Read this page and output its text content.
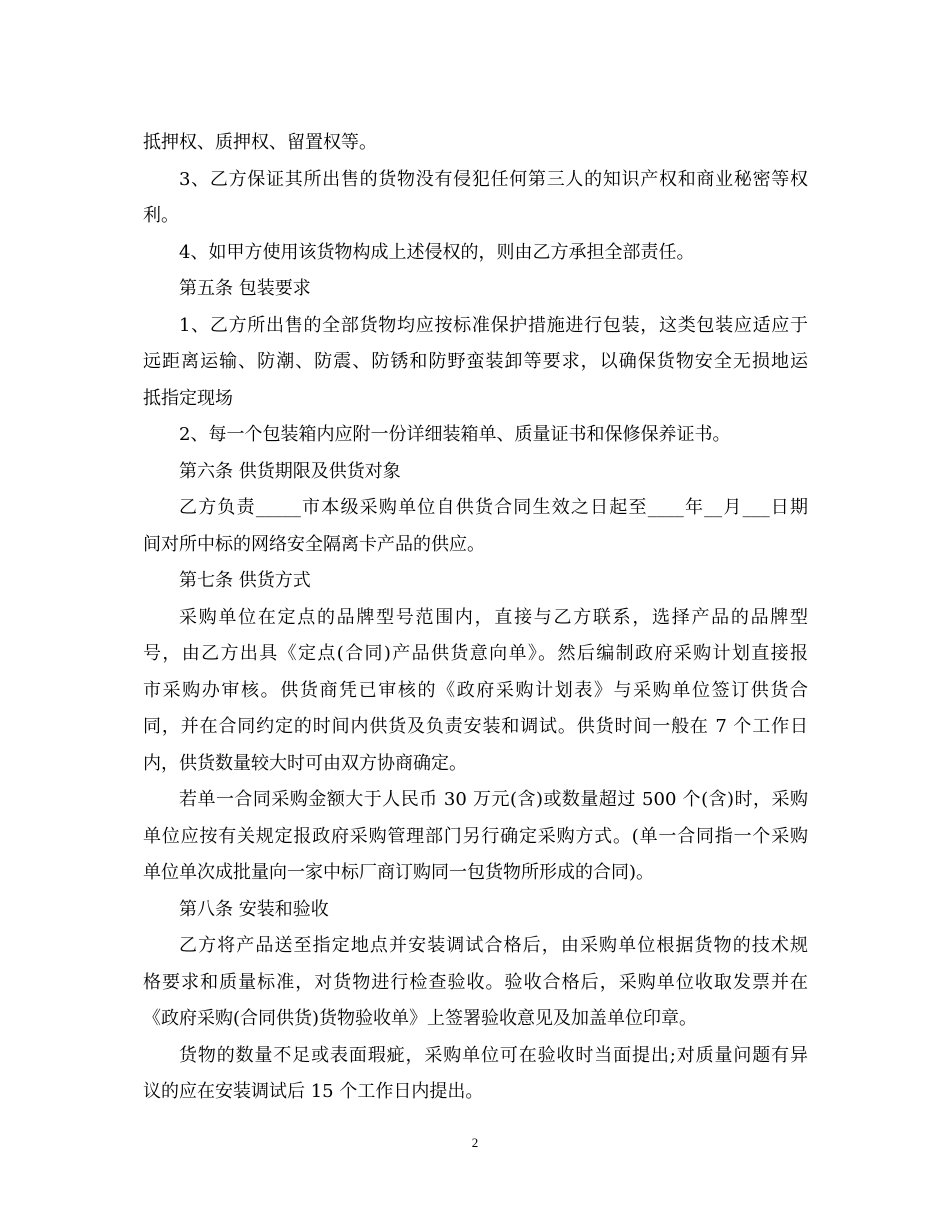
抵押权、质押权、留置权等。
3、乙方保证其所出售的货物没有侵犯任何第三人的知识产权和商业秘密等权
利。
4、如甲方使用该货物构成上述侵权的，则由乙方承担全部责任。
第五条 包装要求
1、乙方所出售的全部货物均应按标准保护措施进行包装，这类包装应适应于
远距离运输、防潮、防震、防锈和防野蛮装卸等要求，以确保货物安全无损地运
抵指定现场
2、每一个包装箱内应附一份详细装箱单、质量证书和保修保养证书。
第六条 供货期限及供货对象
乙方负责_____市本级采购单位自供货合同生效之日起至____年__月___日期
间对所中标的网络安全隔离卡产品的供应。
第七条 供货方式
采购单位在定点的品牌型号范围内，直接与乙方联系，选择产品的品牌型
号，由乙方出具《定点(合同)产品供货意向单》。然后编制政府采购计划直接报
市采购办审核。供货商凭已审核的《政府采购计划表》与采购单位签订供货合
同，并在合同约定的时间内供货及负责安装和调试。供货时间一般在 7 个工作日
内，供货数量较大时可由双方协商确定。
若单一合同采购金额大于人民币 30 万元(含)或数量超过 500 个(含)时，采购
单位应按有关规定报政府采购管理部门另行确定采购方式。(单一合同指一个采购
单位单次成批量向一家中标厂商订购同一包货物所形成的合同)。
第八条 安装和验收
乙方将产品送至指定地点并安装调试合格后，由采购单位根据货物的技术规
格要求和质量标准，对货物进行检查验收。验收合格后，采购单位收取发票并在
《政府采购(合同供货)货物验收单》上签署验收意见及加盖单位印章。
货物的数量不足或表面瑕疵，采购单位可在验收时当面提出;对质量问题有异
议的应在安装调试后 15 个工作日内提出。
2
